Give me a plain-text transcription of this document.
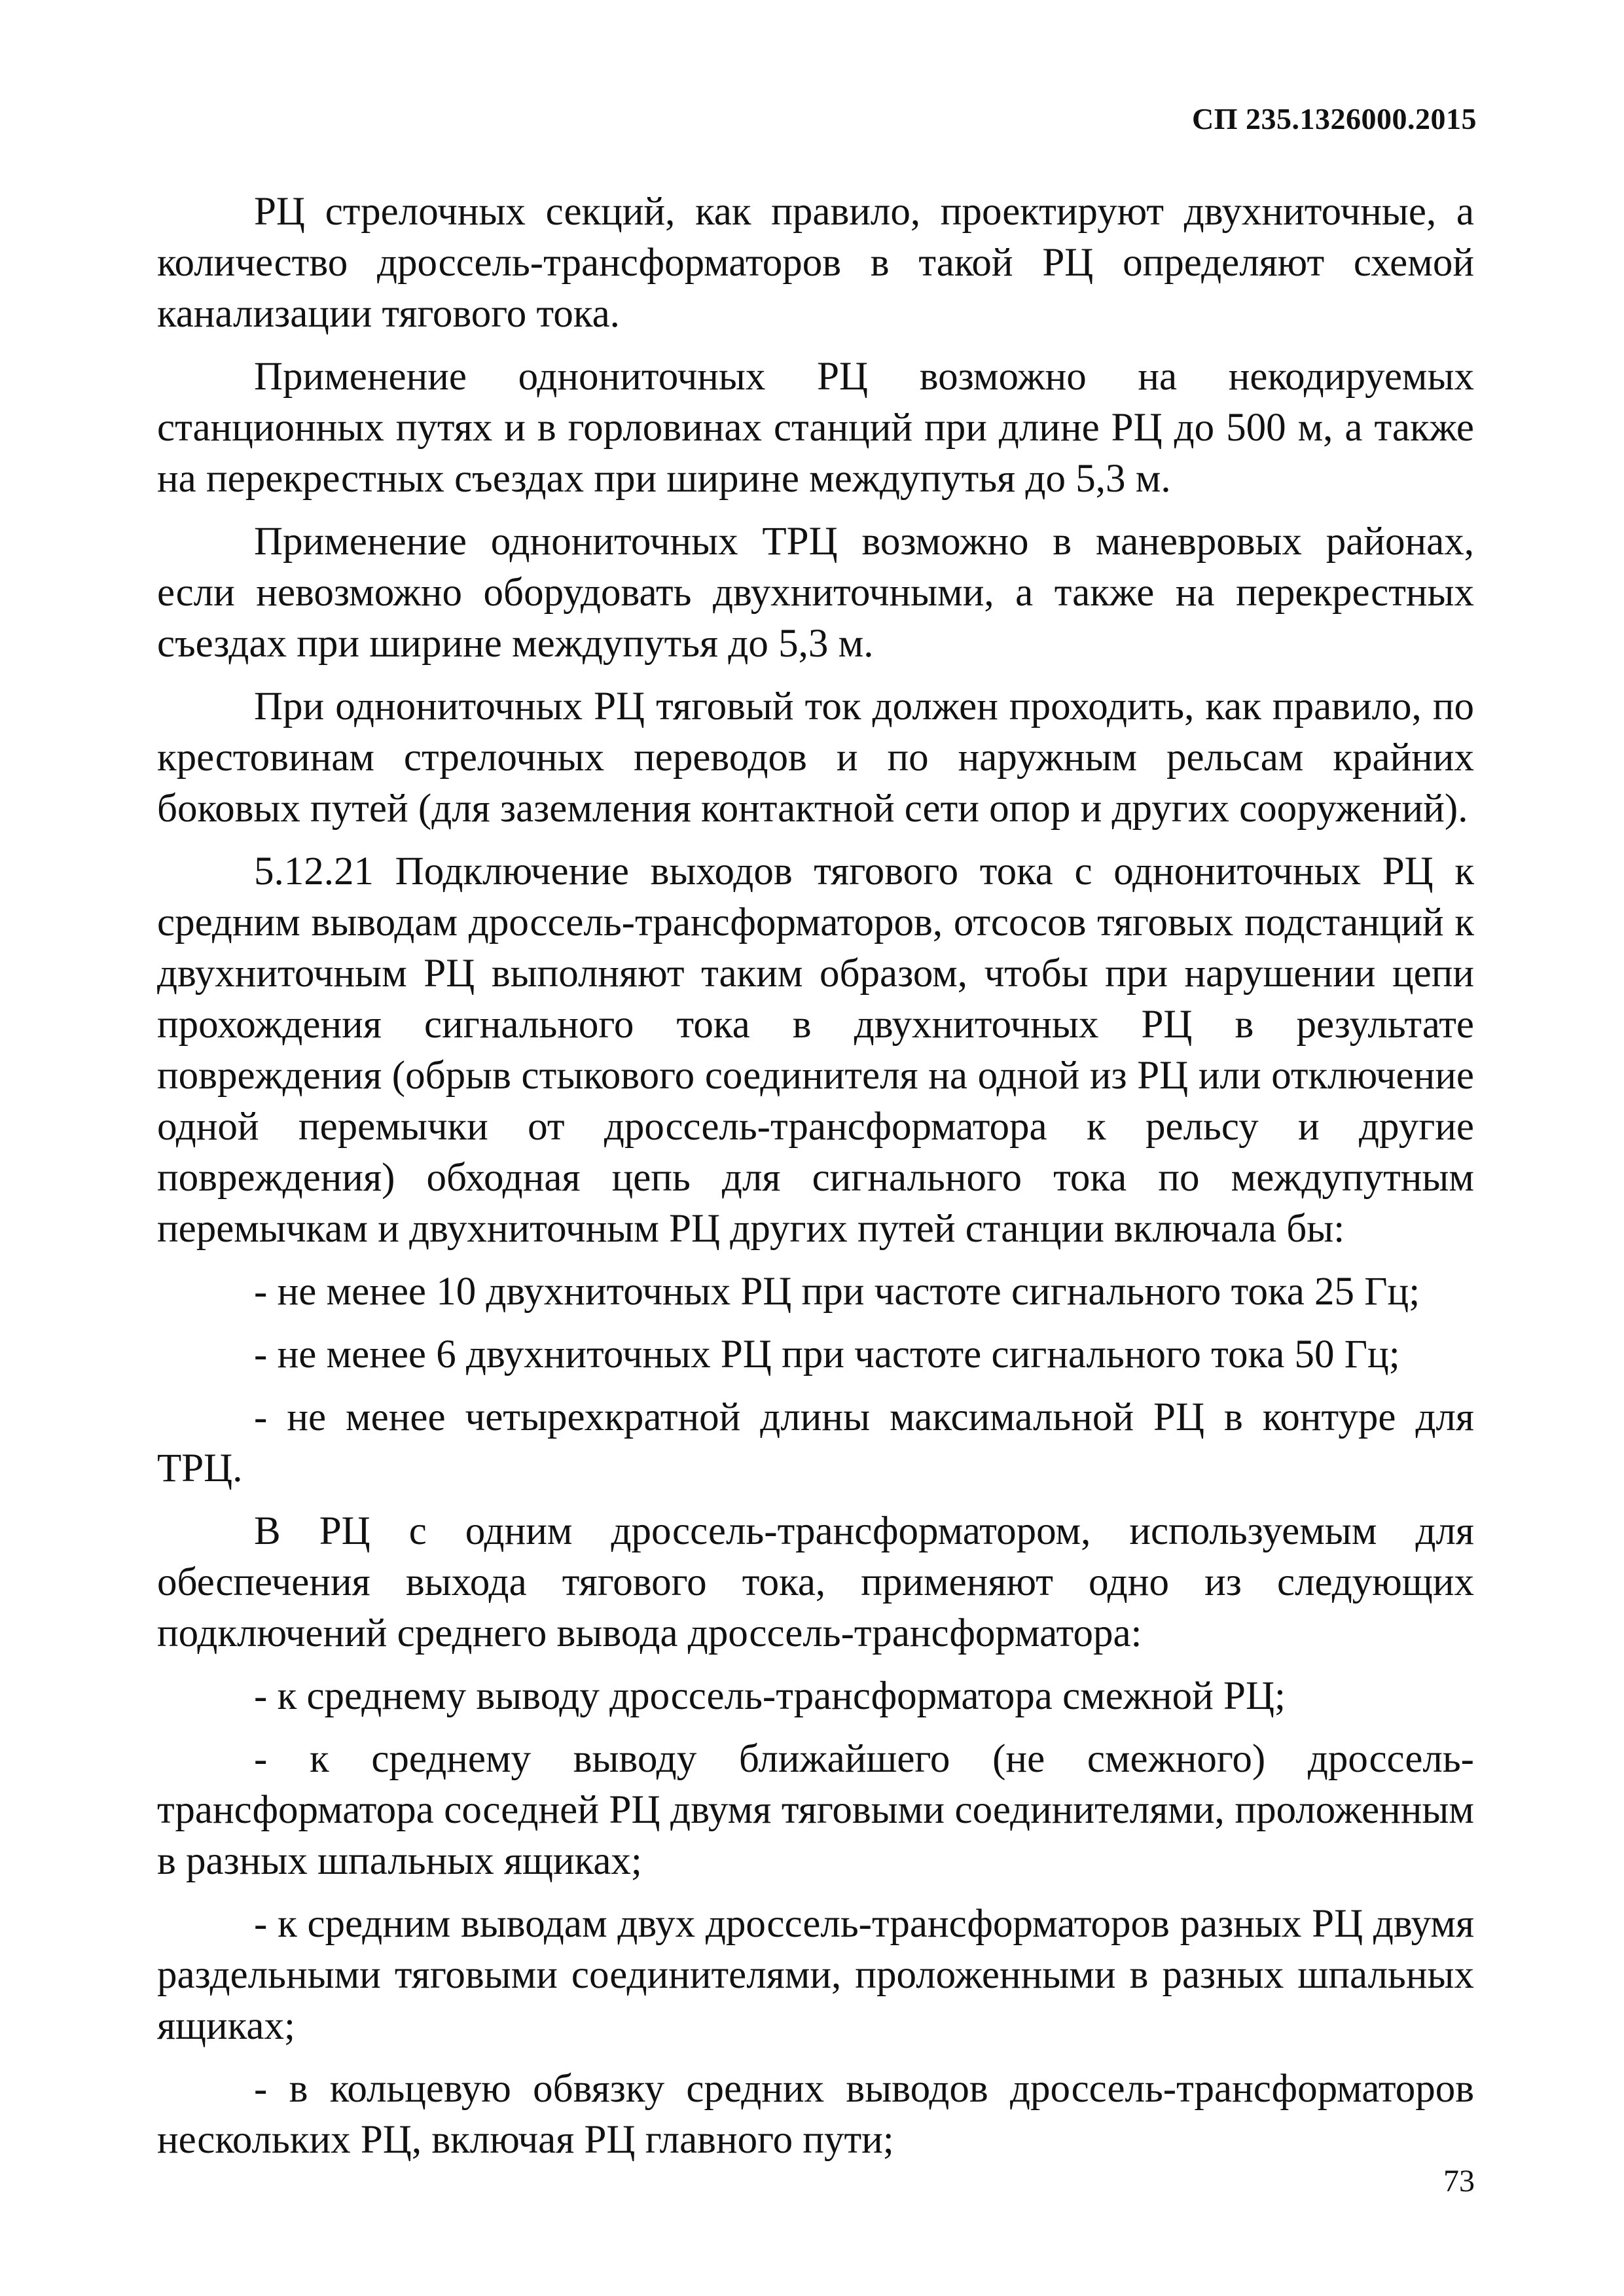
СП 235.1326000.2015

РЦ стрелочных секций, как правило, проектируют двухниточные, а количество дроссель-трансформаторов в такой РЦ определяют схемой канализации тягового тока.

Применение однониточных РЦ возможно на некодируемых станционных путях и в горловинах станций при длине РЦ до 500 м, а также на перекрестных съездах при ширине междупутья до 5,3 м.

Применение однониточных ТРЦ возможно в маневровых районах, если невозможно оборудовать двухниточными, а также на перекрестных съездах при ширине междупутья до 5,3 м.

При однониточных РЦ тяговый ток должен проходить, как правило, по крестовинам стрелочных переводов и по наружным рельсам крайних боковых путей (для заземления контактной сети опор и других сооружений).

5.12.21 Подключение выходов тягового тока с однониточных РЦ к средним выводам дроссель-трансформаторов, отсосов тяговых подстанций к двухниточным РЦ выполняют таким образом, чтобы при нарушении цепи прохождения сигнального тока в двухниточных РЦ в результате повреждения (обрыв стыкового соединителя на одной из РЦ или отключение одной перемычки от дроссель-трансформатора к рельсу и другие повреждения) обходная цепь для сигнального тока по междупутным перемычкам и двухниточным РЦ других путей станции включала бы:

- не менее 10 двухниточных РЦ при частоте сигнального тока 25 Гц;

- не менее 6 двухниточных РЦ при частоте сигнального тока 50 Гц;

- не менее четырехкратной длины максимальной РЦ в контуре для ТРЦ.

В РЦ с одним дроссель-трансформатором, используемым для обеспечения выхода тягового тока, применяют одно из следующих подключений среднего вывода дроссель-трансформатора:

- к среднему выводу дроссель-трансформатора смежной РЦ;

- к среднему выводу ближайшего (не смежного) дроссель-трансформатора соседней РЦ двумя тяговыми соединителями, проложенным в разных шпальных ящиках;

- к средним выводам двух дроссель-трансформаторов разных РЦ двумя раздельными тяговыми соединителями, проложенными в разных шпальных ящиках;

- в кольцевую обвязку средних выводов дроссель-трансформаторов нескольких РЦ, включая РЦ главного пути;

73
